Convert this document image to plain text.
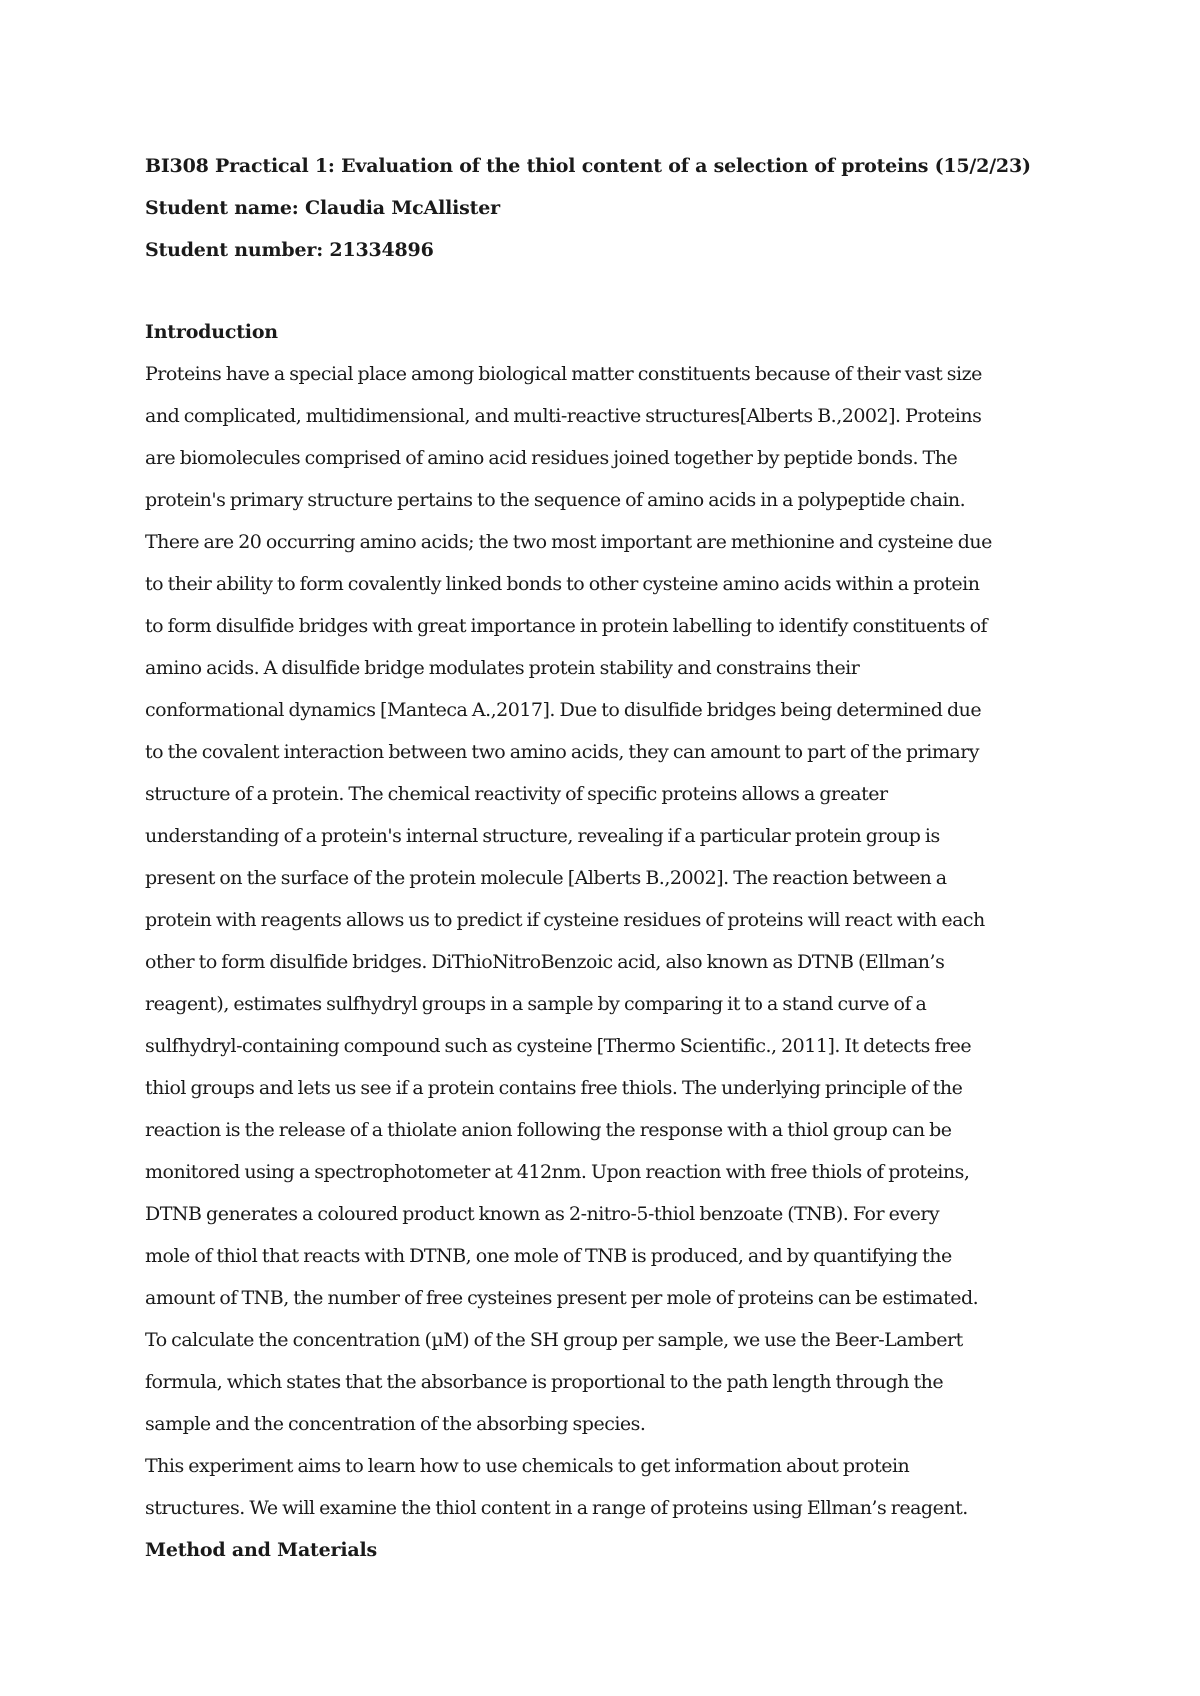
BI308 Practical 1: Evaluation of the thiol content of a selection of proteins (15/2/23)

Student name: Claudia McAllister

Student number: 21334896

Introduction

Proteins have a special place among biological matter constituents because of their vast size
and complicated, multidimensional, and multi-reactive structures[Alberts B.,2002]. Proteins
are biomolecules comprised of amino acid residues joined together by peptide bonds. The
protein's primary structure pertains to the sequence of amino acids in a polypeptide chain.
There are 20 occurring amino acids; the two most important are methionine and cysteine due
to their ability to form covalently linked bonds to other cysteine amino acids within a protein
to form disulfide bridges with great importance in protein labelling to identify constituents of
amino acids. A disulfide bridge modulates protein stability and constrains their
conformational dynamics [Manteca A.,2017]. Due to disulfide bridges being determined due
to the covalent interaction between two amino acids, they can amount to part of the primary
structure of a protein. The chemical reactivity of specific proteins allows a greater
understanding of a protein's internal structure, revealing if a particular protein group is
present on the surface of the protein molecule [Alberts B.,2002]. The reaction between a
protein with reagents allows us to predict if cysteine residues of proteins will react with each
other to form disulfide bridges. DiThioNitroBenzoic acid, also known as DTNB (Ellman’s
reagent), estimates sulfhydryl groups in a sample by comparing it to a stand curve of a
sulfhydryl-containing compound such as cysteine [Thermo Scientific., 2011]. It detects free
thiol groups and lets us see if a protein contains free thiols. The underlying principle of the
reaction is the release of a thiolate anion following the response with a thiol group can be
monitored using a spectrophotometer at 412nm. Upon reaction with free thiols of proteins,
DTNB generates a coloured product known as 2-nitro-5-thiol benzoate (TNB). For every
mole of thiol that reacts with DTNB, one mole of TNB is produced, and by quantifying the
amount of TNB, the number of free cysteines present per mole of proteins can be estimated.
To calculate the concentration (µM) of the SH group per sample, we use the Beer-Lambert
formula, which states that the absorbance is proportional to the path length through the
sample and the concentration of the absorbing species.

This experiment aims to learn how to use chemicals to get information about protein
structures. We will examine the thiol content in a range of proteins using Ellman’s reagent.

Method and Materials
